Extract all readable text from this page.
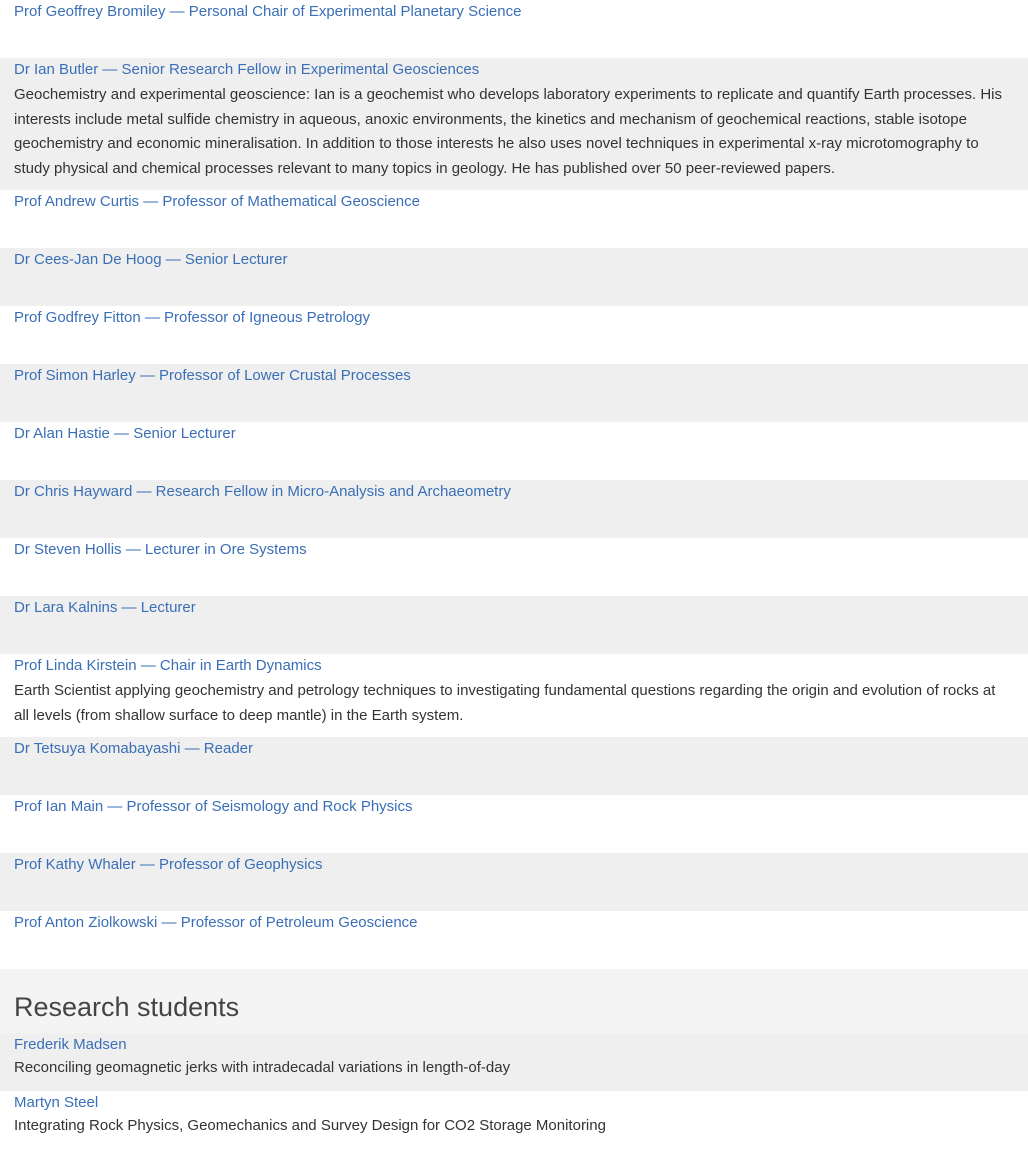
Prof Geoffrey Bromiley — Personal Chair of Experimental Planetary Science
Dr Ian Butler — Senior Research Fellow in Experimental Geosciences
Geochemistry and experimental geoscience: Ian is a geochemist who develops laboratory experiments to replicate and quantify Earth processes. His interests include metal sulfide chemistry in aqueous, anoxic environments, the kinetics and mechanism of geochemical reactions, stable isotope geochemistry and economic mineralisation. In addition to those interests he also uses novel techniques in experimental x-ray microtomography to study physical and chemical processes relevant to many topics in geology. He has published over 50 peer-reviewed papers.
Prof Andrew Curtis — Professor of Mathematical Geoscience
Dr Cees-Jan De Hoog — Senior Lecturer
Prof Godfrey Fitton — Professor of Igneous Petrology
Prof Simon Harley — Professor of Lower Crustal Processes
Dr Alan Hastie — Senior Lecturer
Dr Chris Hayward — Research Fellow in Micro-Analysis and Archaeometry
Dr Steven Hollis — Lecturer in Ore Systems
Dr Lara Kalnins — Lecturer
Prof Linda Kirstein — Chair in Earth Dynamics
Earth Scientist applying geochemistry and petrology techniques to investigating fundamental questions regarding the origin and evolution of rocks at all levels (from shallow surface to deep mantle) in the Earth system.
Dr Tetsuya Komabayashi — Reader
Prof Ian Main — Professor of Seismology and Rock Physics
Prof Kathy Whaler — Professor of Geophysics
Prof Anton Ziolkowski — Professor of Petroleum Geoscience
Research students
Frederik Madsen
Reconciling geomagnetic jerks with intradecadal variations in length-of-day
Martyn Steel
Integrating Rock Physics, Geomechanics and Survey Design for CO2 Storage Monitoring
